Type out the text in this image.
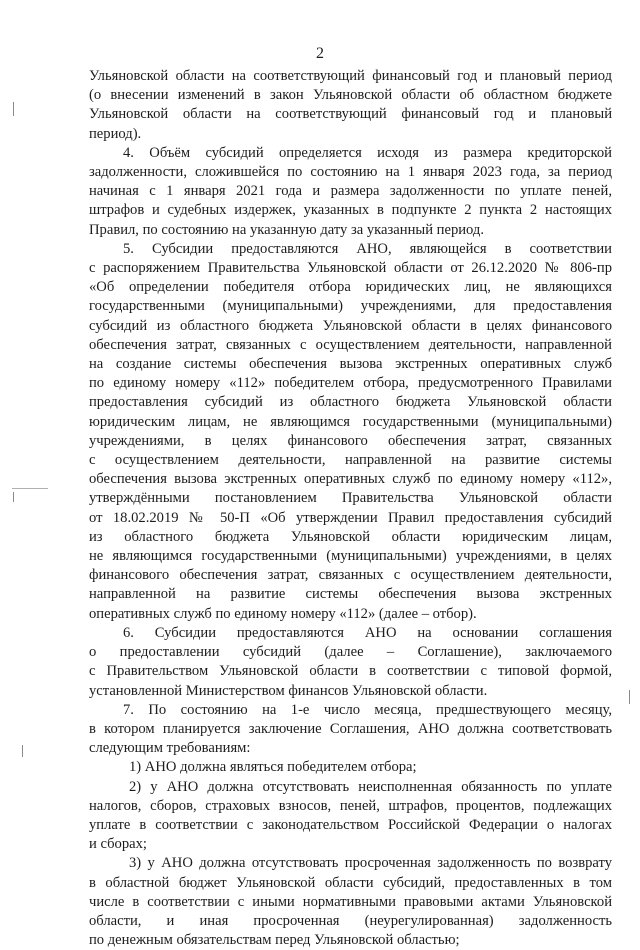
2
Ульяновской области на соответствующий финансовый год и плановый период
(о внесении изменений в закон Ульяновской области об областном бюджете
Ульяновской области на соответствующий финансовый год и плановый
период).
4. Объём субсидий определяется исходя из размера кредиторской
задолженности, сложившейся по состоянию на 1 января 2023 года, за период
начиная с 1 января 2021 года и размера задолженности по уплате пеней,
штрафов и судебных издержек, указанных в подпункте 2 пункта 2 настоящих
Правил, по состоянию на указанную дату за указанный период.
5. Субсидии предоставляются АНО, являющейся в соответствии
с распоряжением Правительства Ульяновской области от 26.12.2020 № 806-пр
«Об определении победителя отбора юридических лиц, не являющихся
государственными (муниципальными) учреждениями, для предоставления
субсидий из областного бюджета Ульяновской области в целях финансового
обеспечения затрат, связанных с осуществлением деятельности, направленной
на создание системы обеспечения вызова экстренных оперативных служб
по единому номеру «112» победителем отбора, предусмотренного Правилами
предоставления субсидий из областного бюджета Ульяновской области
юридическим лицам, не являющимся государственными (муниципальными)
учреждениями, в целях финансового обеспечения затрат, связанных
с осуществлением деятельности, направленной на развитие системы
обеспечения вызова экстренных оперативных служб по единому номеру «112»,
утверждёнными постановлением Правительства Ульяновской области
от 18.02.2019 № 50-П «Об утверждении Правил предоставления субсидий
из областного бюджета Ульяновской области юридическим лицам,
не являющимся государственными (муниципальными) учреждениями, в целях
финансового обеспечения затрат, связанных с осуществлением деятельности,
направленной на развитие системы обеспечения вызова экстренных
оперативных служб по единому номеру «112» (далее – отбор).
6. Субсидии предоставляются АНО на основании соглашения
о предоставлении субсидий (далее – Соглашение), заключаемого
с Правительством Ульяновской области в соответствии с типовой формой,
установленной Министерством финансов Ульяновской области.
7. По состоянию на 1-е число месяца, предшествующего месяцу,
в котором планируется заключение Соглашения, АНО должна соответствовать
следующим требованиям:
1) АНО должна являться победителем отбора;
2) у АНО должна отсутствовать неисполненная обязанность по уплате
налогов, сборов, страховых взносов, пеней, штрафов, процентов, подлежащих
уплате в соответствии с законодательством Российской Федерации о налогах
и сборах;
3) у АНО должна отсутствовать просроченная задолженность по возврату
в областной бюджет Ульяновской области субсидий, предоставленных в том
числе в соответствии с иными нормативными правовыми актами Ульяновской
области, и иная просроченная (неурегулированная) задолженность
по денежным обязательствам перед Ульяновской областью;
